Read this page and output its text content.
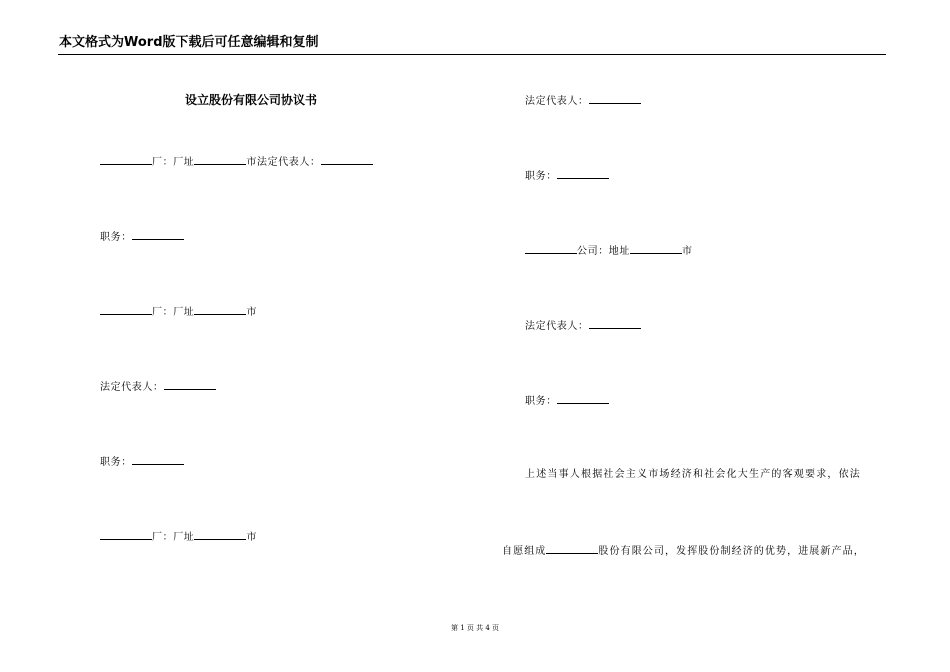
本文格式为Word版下载后可任意编辑和复制
设立股份有限公司协议书
厂：厂址	市法定代表人：
职务：
厂：厂址	市
法定代表人：
职务：
厂：厂址	市
法定代表人：
职务：
公司：地址	市
法定代表人：
职务：
上述当事人根据社会主义市场经济和社会化大生产的客观要求，依法
自愿组成	股份有限公司，发挥股份制经济的优势，进展新产品，
第 1 页 共 4 页
